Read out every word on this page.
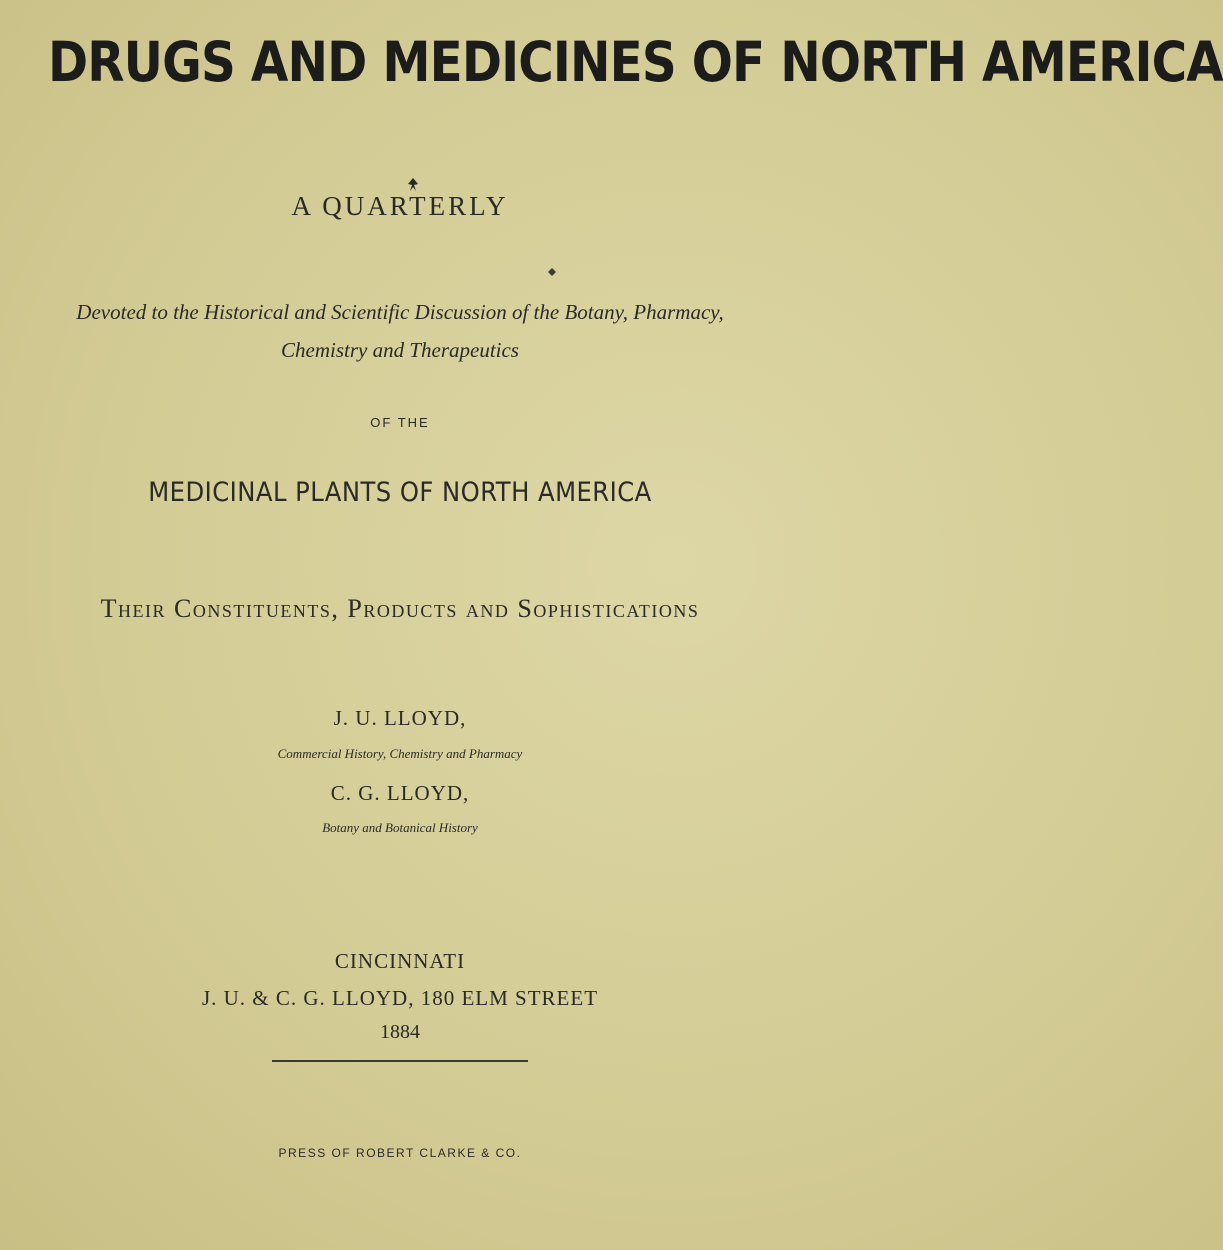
DRUGS AND MEDICINES OF NORTH AMERICA
A QUARTERLY
Devoted to the Historical and Scientific Discussion of the Botany, Pharmacy,
Chemistry and Therapeutics
OF THE
MEDICINAL PLANTS OF NORTH AMERICA
Their Constituents, Products and Sophistications
J. U. LLOYD,
Commercial History, Chemistry and Pharmacy
C. G. LLOYD,
Botany and Botanical History
CINCINNATI
J. U. & C. G. LLOYD, 180 ELM STREET
1884
PRESS OF ROBERT CLARKE & CO.
